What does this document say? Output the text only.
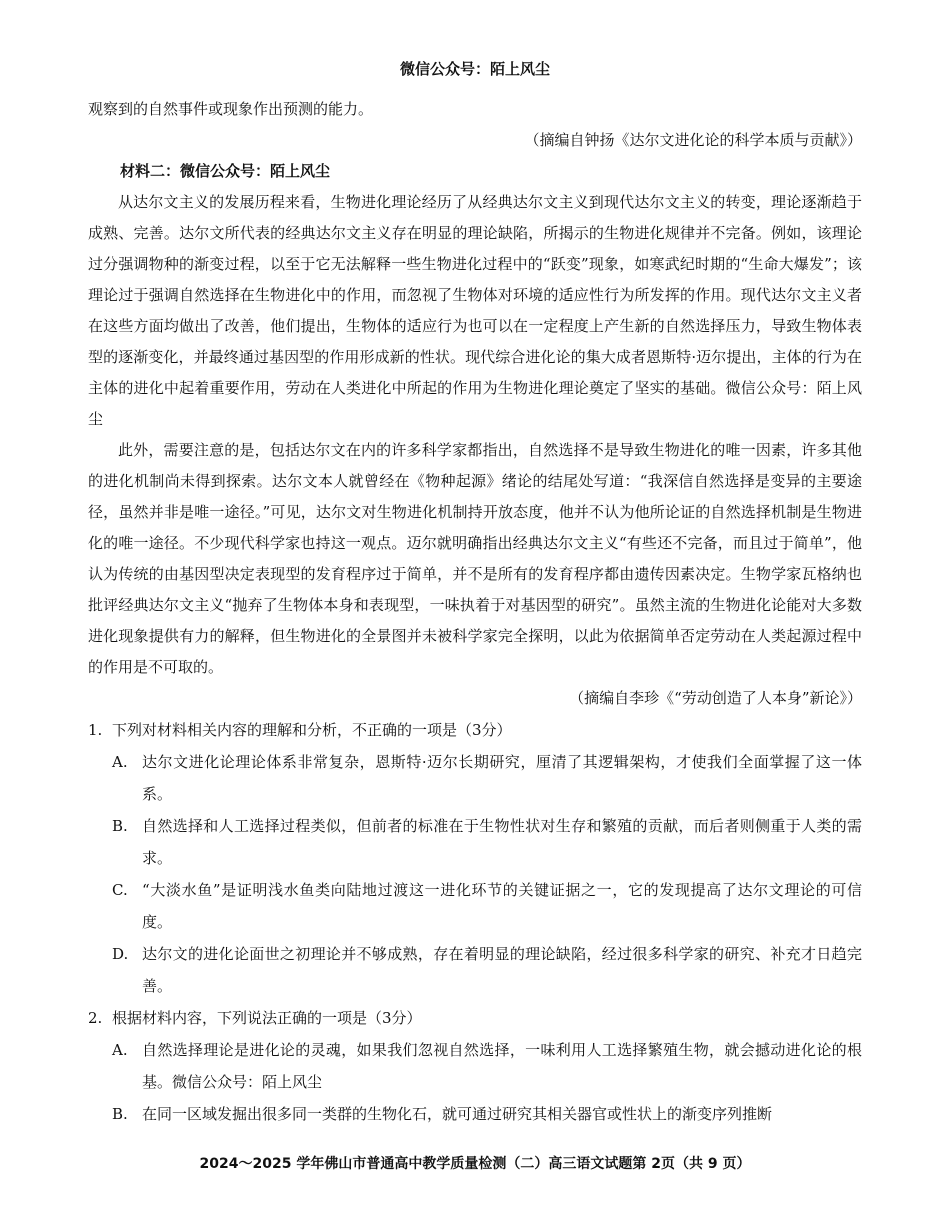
微信公众号：陌上风尘
观察到的自然事件或现象作出预测的能力。
（摘编自钟扬《达尔文进化论的科学本质与贡献》）
材料二：微信公众号：陌上风尘
从达尔文主义的发展历程来看，生物进化理论经历了从经典达尔文主义到现代达尔文主义的转变，理论逐渐趋于成熟、完善。达尔文所代表的经典达尔文主义存在明显的理论缺陷，所揭示的生物进化规律并不完备。例如，该理论过分强调物种的渐变过程，以至于它无法解释一些生物进化过程中的“跃变”现象，如寒武纪时期的“生命大爆发”；该理论过于强调自然选择在生物进化中的作用，而忽视了生物体对环境的适应性行为所发挥的作用。现代达尔文主义者在这些方面均做出了改善，他们提出，生物体的适应行为也可以在一定程度上产生新的自然选择压力，导致生物体表型的逐渐变化，并最终通过基因型的作用形成新的性状。现代综合进化论的集大成者恩斯特·迈尔提出，主体的行为在主体的进化中起着重要作用，劳动在人类进化中所起的作用为生物进化理论奠定了坚实的基础。微信公众号：陌上风尘
此外，需要注意的是，包括达尔文在内的许多科学家都指出，自然选择不是导致生物进化的唯一因素，许多其他的进化机制尚未得到探索。达尔文本人就曾经在《物种起源》绪论的结尾处写道：“我深信自然选择是变异的主要途径，虽然并非是唯一途径。”可见，达尔文对生物进化机制持开放态度，他并不认为他所论证的自然选择机制是生物进化的唯一途径。不少现代科学家也持这一观点。迈尔就明确指出经典达尔文主义“有些还不完备，而且过于简单”，他认为传统的由基因型决定表现型的发育程序过于简单，并不是所有的发育程序都由遗传因素决定。生物学家瓦格纳也批评经典达尔文主义“抛弃了生物体本身和表现型，一味执着于对基因型的研究”。虽然主流的生物进化论能对大多数进化现象提供有力的解释，但生物进化的全景图并未被科学家完全探明，以此为依据简单否定劳动在人类起源过程中的作用是不可取的。
（摘编自李珍《“劳动创造了人本身”新论》）
1. 下列对材料相关内容的理解和分析，不正确的一项是（3分）
A. 达尔文进化论理论体系非常复杂，恩斯特·迈尔长期研究，厘清了其逻辑架构，才使我们全面掌握了这一体系。
B. 自然选择和人工选择过程类似，但前者的标准在于生物性状对生存和繁殖的贡献，而后者则侧重于人类的需求。
C. “大淡水鱼”是证明浅水鱼类向陆地过渡这一进化环节的关键证据之一，它的发现提高了达尔文理论的可信度。
D. 达尔文的进化论面世之初理论并不够成熟，存在着明显的理论缺陷，经过很多科学家的研究、补充才日趋完善。
2. 根据材料内容，下列说法正确的一项是（3分）
A. 自然选择理论是进化论的灵魂，如果我们忽视自然选择，一味利用人工选择繁殖生物，就会撼动进化论的根基。微信公众号：陌上风尘
B. 在同一区域发掘出很多同一类群的生物化石，就可通过研究其相关器官或性状上的渐变序列推断
2024～2025 学年佛山市普通高中教学质量检测（二）高三语文试题第 2页（共 9 页）
